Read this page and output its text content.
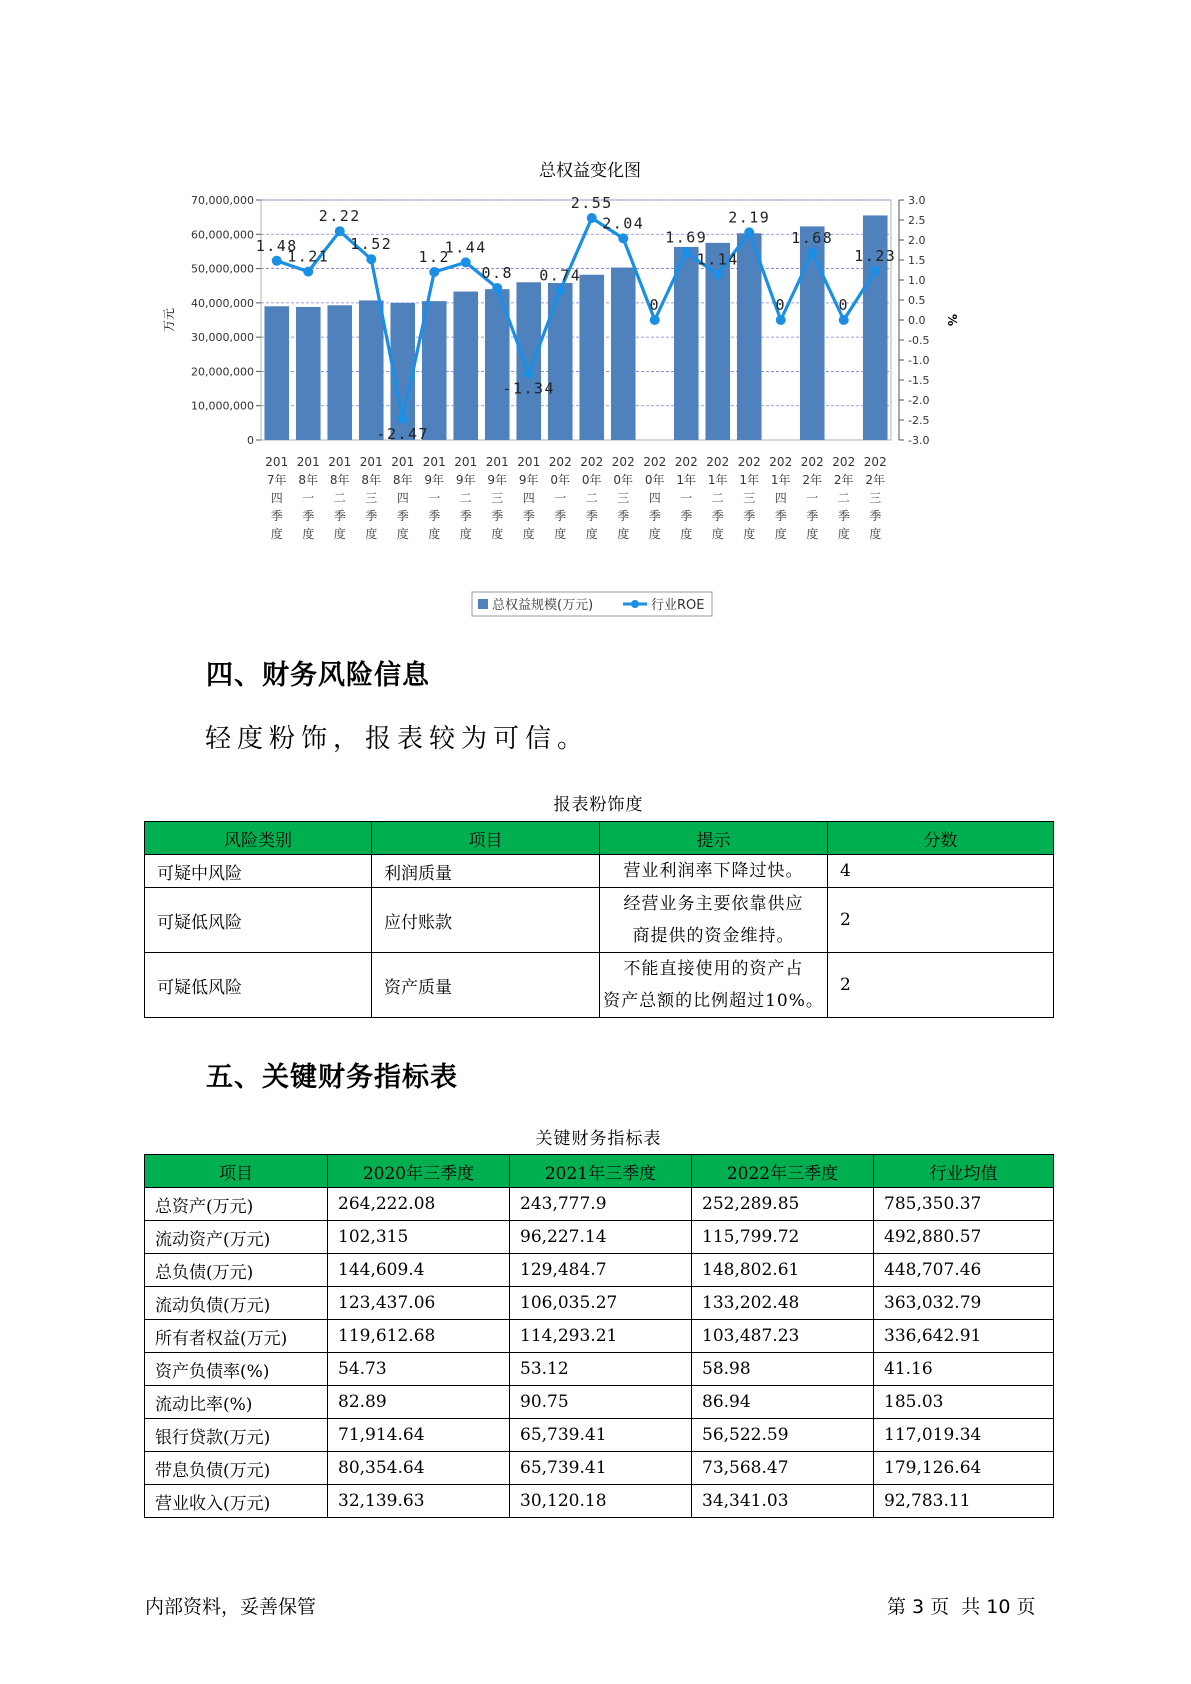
总权益变化图
0
10,000,000
20,000,000
30,000,000
40,000,000
50,000,000
60,000,000
70,000,000
-3.0
-2.5
-2.0
-1.5
-1.0
-0.5
0.0
0.5
1.0
1.5
2.0
2.5
3.0
万元	%
1.48
1.21
2.22
1.52
-2.47
1.2
1.44
0.8
-1.34
0.74
2.55
2.04
0
1.69
1.14
2.19
0
1.68
0
1.23
201
7年
四
季
度
201
8年
一
季
度
201
8年
二
季
度
201
8年
三
季
度
201
8年
四
季
度
201
9年
一
季
度
201
9年
二
季
度
201
9年
三
季
度
201
9年
四
季
度
202
0年
一
季
度
202
0年
二
季
度
202
0年
三
季
度
202
0年
四
季
度
202
1年
一
季
度
202
1年
二
季
度
202
1年
三
季
度
202
1年
四
季
度
202
2年
一
季
度
202
2年
二
季
度
202
2年
三
季
度
总权益规模(万元)	行业ROE
四、财务风险信息
轻度粉饰，报表较为可信。
报表粉饰度
风险类别	项目	提示	分数
可疑中风险	利润质量	营业利润率下降过快。	4
可疑低风险	应付账款	经营业务主要依靠供应
商提供的资金维持。	2
可疑低风险	资产质量	不能直接使用的资产占
资产总额的比例超过10%。	2
五、关键财务指标表
关键财务指标表
项目	2020年三季度	2021年三季度	2022年三季度	行业均值
总资产(万元)	264,222.08	243,777.9	252,289.85	785,350.37
流动资产(万元)	102,315	96,227.14	115,799.72	492,880.57
总负债(万元)	144,609.4	129,484.7	148,802.61	448,707.46
流动负债(万元)	123,437.06	106,035.27	133,202.48	363,032.79
所有者权益(万元)	119,612.68	114,293.21	103,487.23	336,642.91
资产负债率(%)	54.73	53.12	58.98	41.16
流动比率(%)	82.89	90.75	86.94	185.03
银行贷款(万元)	71,914.64	65,739.41	56,522.59	117,019.34
带息负债(万元)	80,354.64	65,739.41	73,568.47	179,126.64
营业收入(万元)	32,139.63	30,120.18	34,341.03	92,783.11
内部资料，妥善保管	第 3 页  共 10 页
